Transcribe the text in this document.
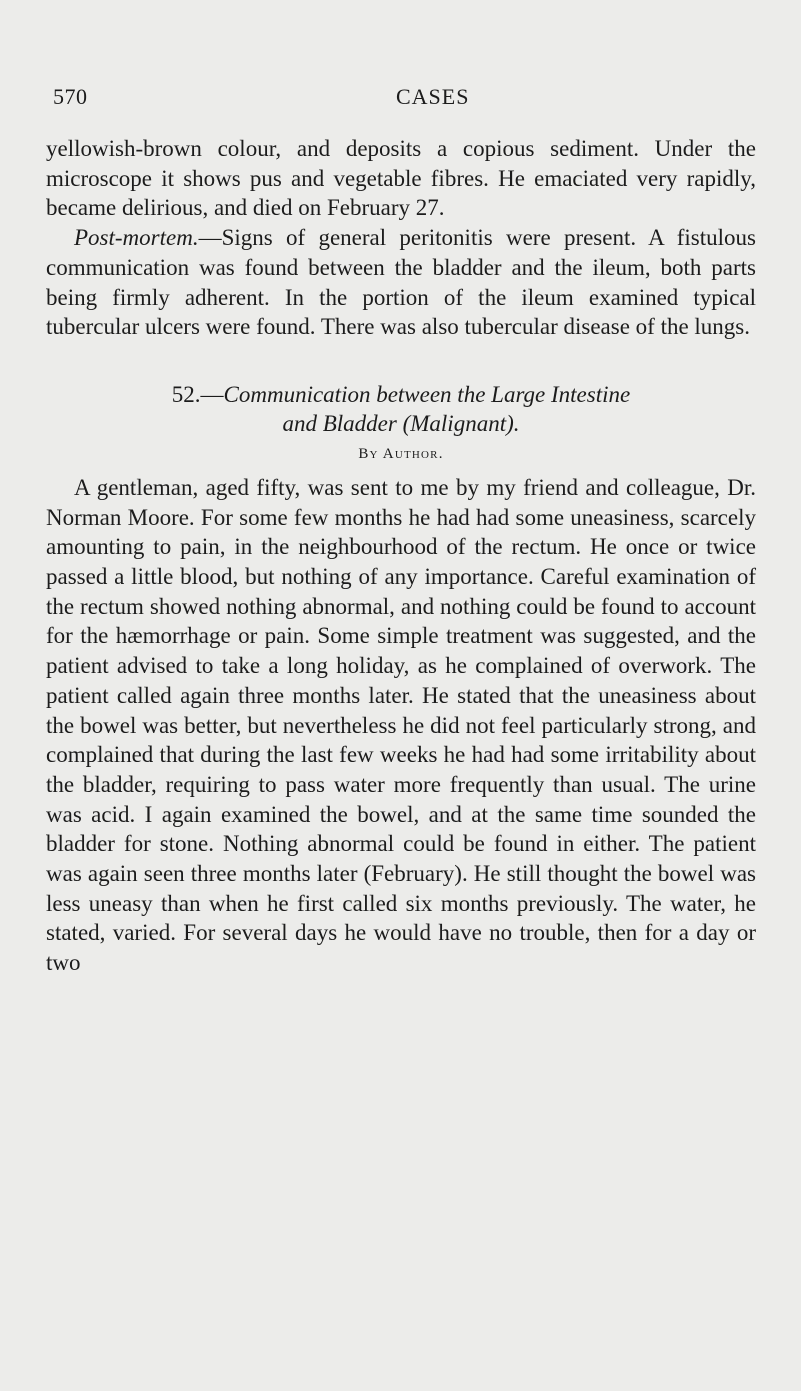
570	CASES

yellowish-brown colour, and deposits a copious sediment. Under the microscope it shows pus and vegetable fibres. He emaciated very rapidly, became delirious, and died on February 27.

Post-mortem.—Signs of general peritonitis were present. A fistulous communication was found between the bladder and the ileum, both parts being firmly adherent. In the portion of the ileum examined typical tubercular ulcers were found. There was also tubercular disease of the lungs.

52.—Communication between the Large Intestine
and Bladder (Malignant).
By Author.

A gentleman, aged fifty, was sent to me by my friend and colleague, Dr. Norman Moore. For some few months he had had some uneasiness, scarcely amounting to pain, in the neighbourhood of the rectum. He once or twice passed a little blood, but nothing of any importance. Careful examination of the rectum showed nothing abnormal, and nothing could be found to account for the hæmorrhage or pain. Some simple treatment was suggested, and the patient advised to take a long holiday, as he complained of overwork. The patient called again three months later. He stated that the uneasiness about the bowel was better, but nevertheless he did not feel particularly strong, and complained that during the last few weeks he had had some irritability about the bladder, requiring to pass water more frequently than usual. The urine was acid. I again examined the bowel, and at the same time sounded the bladder for stone. Nothing abnormal could be found in either. The patient was again seen three months later (February). He still thought the bowel was less uneasy than when he first called six months previously. The water, he stated, varied. For several days he would have no trouble, then for a day or two
